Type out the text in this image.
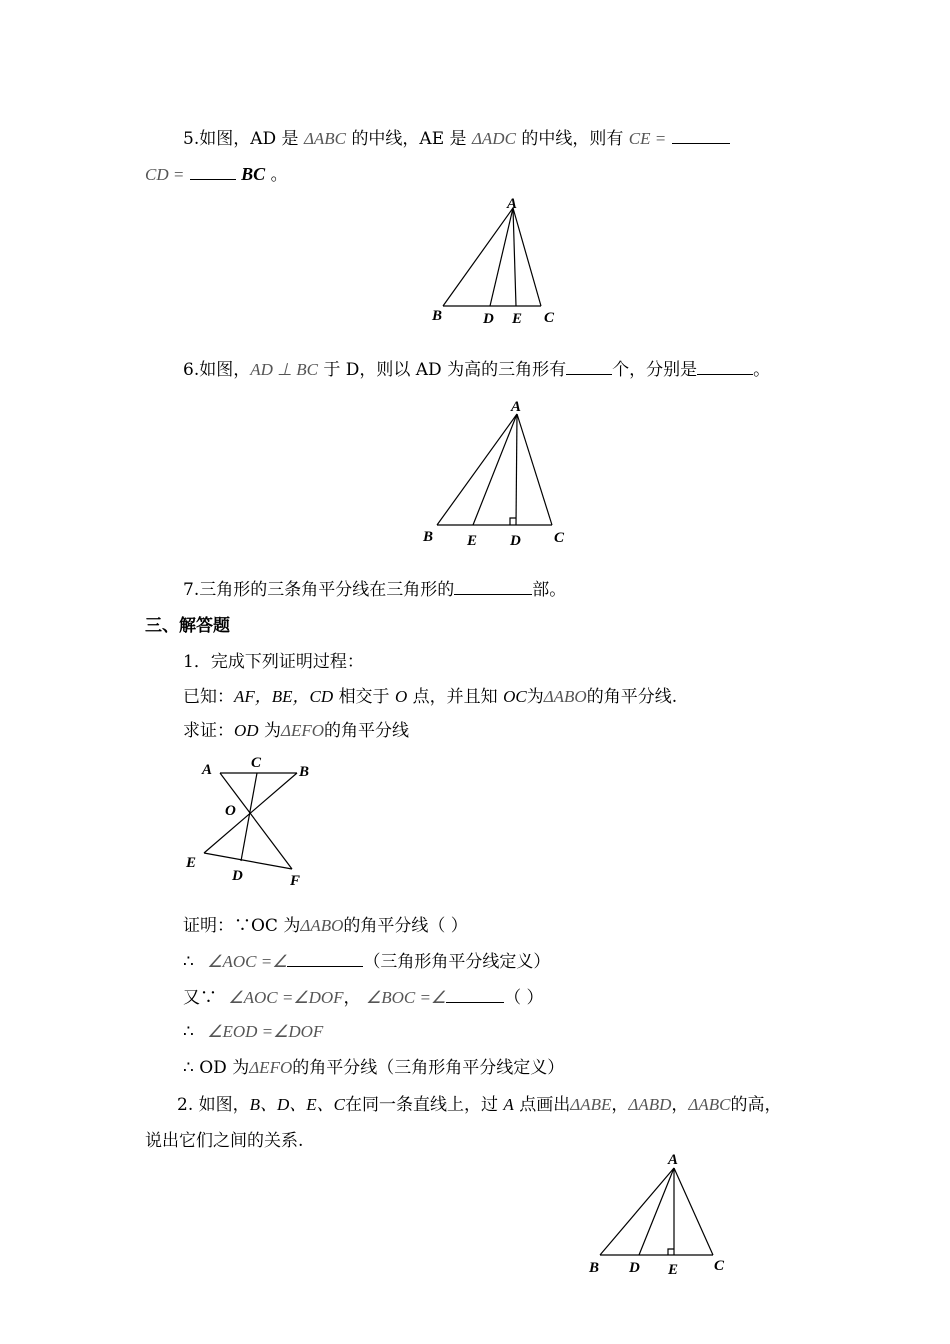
5.如图，AD 是 ΔABC 的中线，AE 是 ΔADC 的中线，则有 CE =
CD =	BC 。
A
B	D E C
6.如图，AD ⊥ BC 于 D，则以 AD 为高的三角形有	个，分别是	。
A
B E D C
7.三角形的三条角平分线在三角形的	部。
三、解答题
1．完成下列证明过程：
已知：AF，BE，CD 相交于 O 点，并且知 OC为ΔABO的角平分线.
求证：OD 为ΔEFO的角平分线
A	C
B
O
E
D	F
证明：∵OC 为ΔABO的角平分线（ ）
∴ ∠AOC =∠	（三角形角平分线定义）
又∵ ∠AOC =∠DOF， ∠BOC =∠	（ ）
∴ ∠EOD =∠DOF
∴ OD 为ΔEFO的角平分线（三角形角平分线定义）
2. 如图，B、D、E、C在同一条直线上，过 A 点画出ΔABE，ΔABD，ΔABC的高，
说出它们之间的关系.
A
B D E C
